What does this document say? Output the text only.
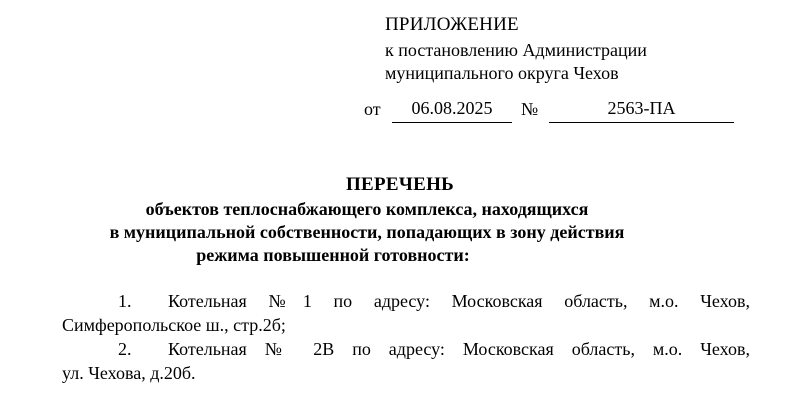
ПРИЛОЖЕНИЕ
к постановлению Администрации
муниципального округа Чехов
от	06.08.2025	№	2563-ПА
ПЕРЕЧЕНЬ
объектов теплоснабжающего комплекса, находящихся
в муниципальной собственности, попадающих в зону действия
режима повышенной готовности:
1. Котельная №1 по адресу: Московская область, м.о. Чехов,
Симферопольское ш., стр.2б;
2. Котельная № 2В по адресу: Московская область, м.о. Чехов,
ул. Чехова, д.20б.
